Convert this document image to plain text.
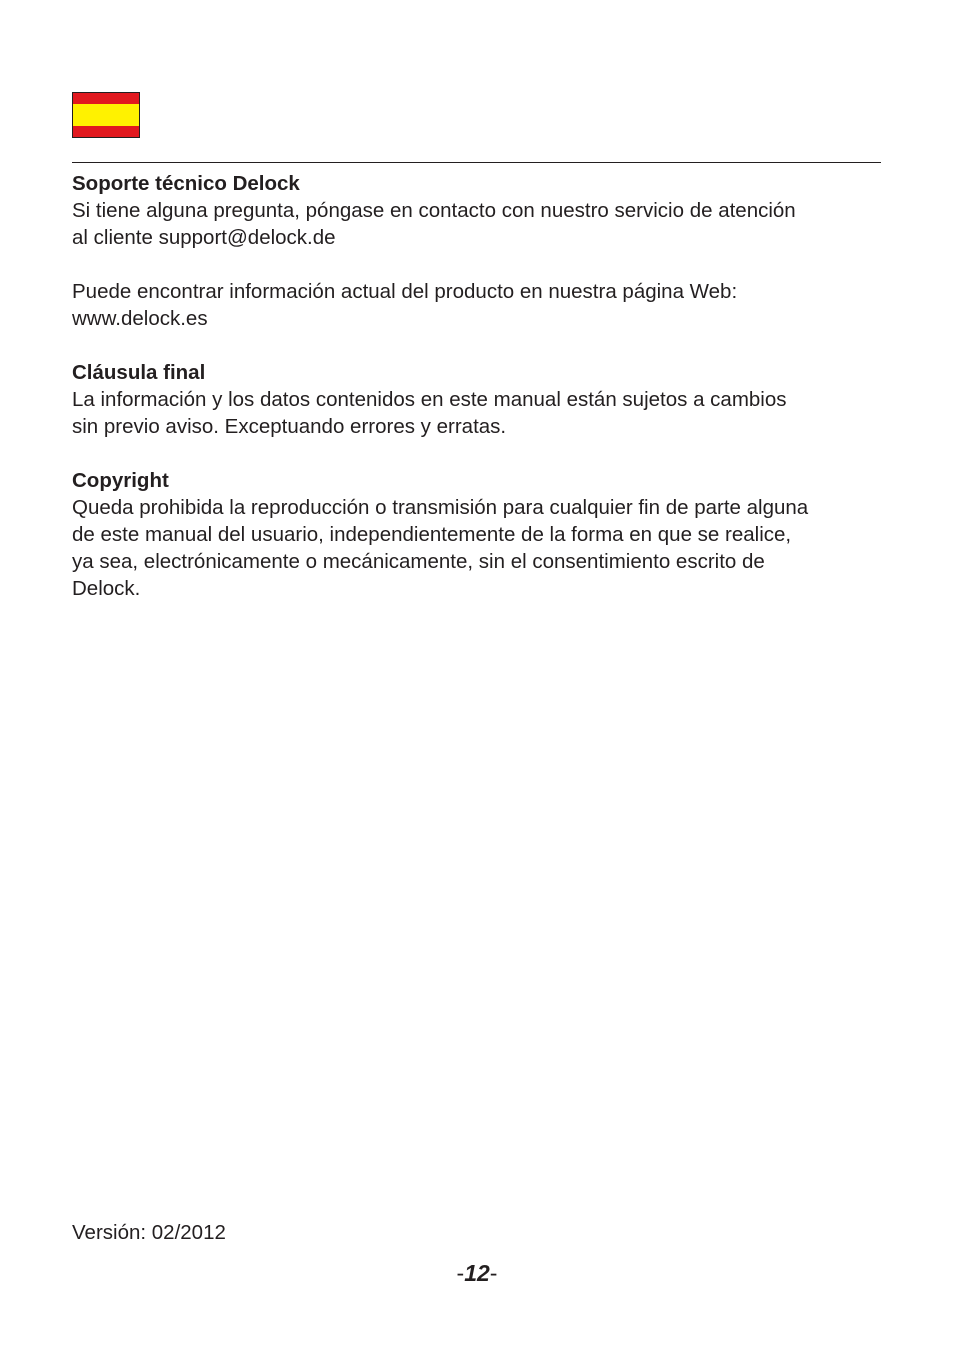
Soporte técnico Delock

Si tiene alguna pregunta, póngase en contacto con nuestro servicio de atención

al cliente support@delock.de

Puede encontrar información actual del producto en nuestra página Web:

www.delock.es

Cláusula final

La información y los datos contenidos en este manual están sujetos a cambios

sin previo aviso. Exceptuando errores y erratas.

Copyright

Queda prohibida la reproducción o transmisión para cualquier fin de parte alguna

de este manual del usuario, independientemente de la forma en que se realice,

ya sea, electrónicamente o mecánicamente, sin el consentimiento escrito de

Delock.

Versión: 02/2012
-12-
